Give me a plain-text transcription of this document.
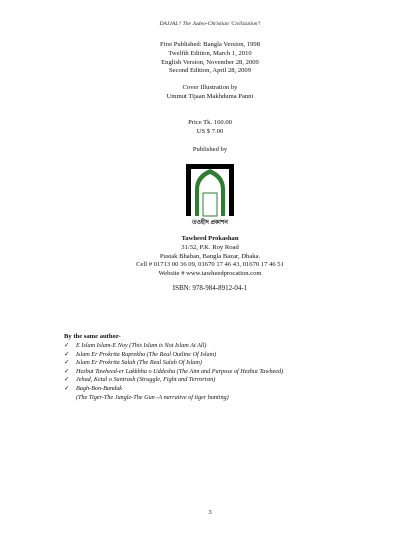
DAJJAL? The Judeo-Christian 'Civilization'!
First Published: Bangla Version, 1998
Twelfth Edition, March 1, 2010
English Version, November 28, 2009
Second Edition, April 28, 2009
Cover Illustration by
Ummut Tijaan Makhduma Panni
Price Tk. 160.00
US $ 7.00
Published by
তওহীদ প্রকাশন
Tawheed Prokashan
31/32, P.K. Roy Road
Pustak Bhaban, Bangla Bazar, Dhaka.
Cell # 01713 00 36 09, 01670 17 46 43, 01670 17 46 51
Website # www.tawheedprocation.com
ISBN: 978-984-8912-04-1
By the same author-
✓	E Islam Islam-E Noy (This Islam is Not Islam At All)
✓	Islam Er Prokrita Ruprekha (The Real Outline Of Islam)
✓	Islam Er Prokrita Salah (The Real Salah Of Islam)
✓	Hezbut Tawheed-er Lakkhha o Uddesha (The Aim and Purpose of Hezbut Tawheed)
✓	Jehad, Ketal o Santrash (Struggle, Fight and Terrorism)
✓	Bagh-Bon-Banduk
(The Tiger-The Jungle-The Gun -A narrative of tiger hunting)
3
